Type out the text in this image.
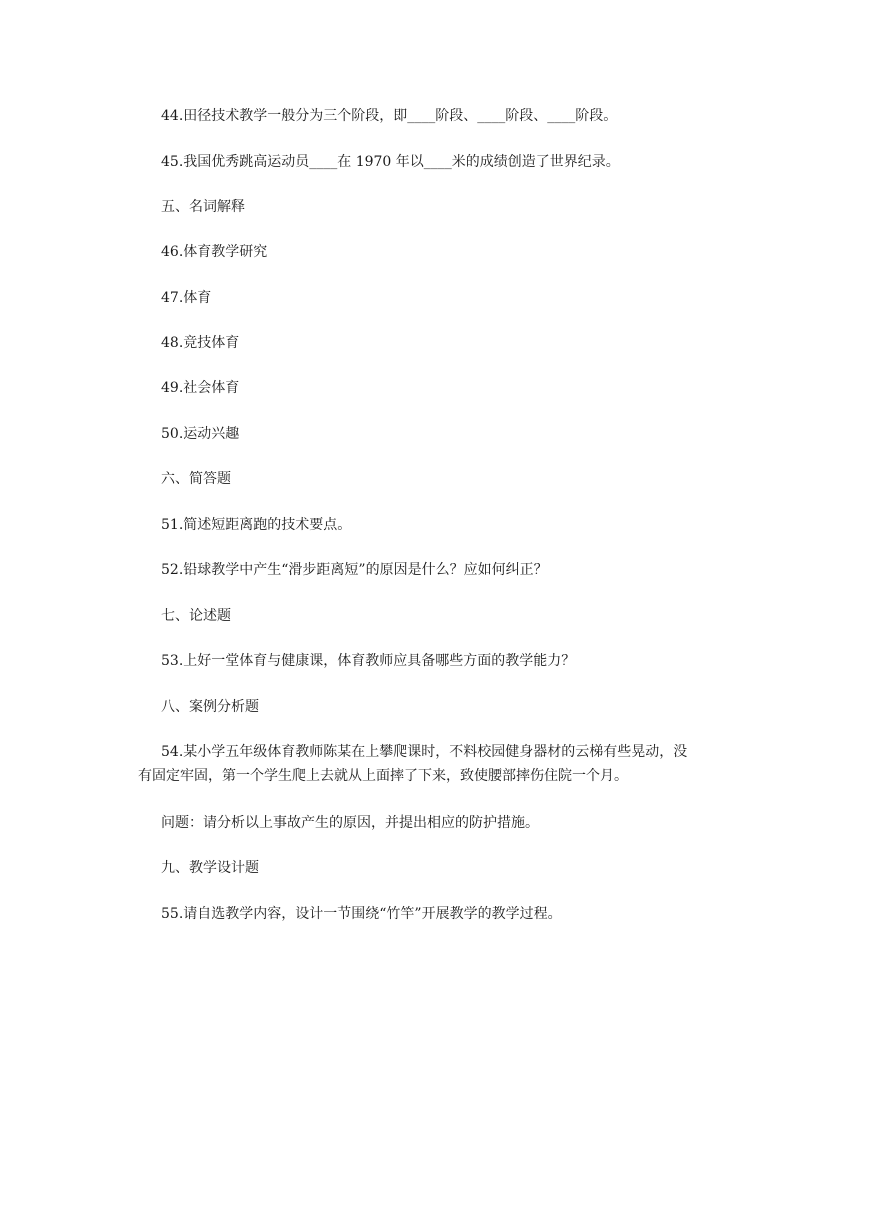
44.田径技术教学一般分为三个阶段，即____阶段、____阶段、____阶段。
45.我国优秀跳高运动员____在 1970 年以____米的成绩创造了世界纪录。
五、名词解释
46.体育教学研究
47.体育
48.竞技体育
49.社会体育
50.运动兴趣
六、简答题
51.简述短距离跑的技术要点。
52.铅球教学中产生“滑步距离短”的原因是什么？应如何纠正？
七、论述题
53.上好一堂体育与健康课，体育教师应具备哪些方面的教学能力？
八、案例分析题
54.某小学五年级体育教师陈某在上攀爬课时，不料校园健身器材的云梯有些晃动，没
有固定牢固，第一个学生爬上去就从上面摔了下来，致使腰部摔伤住院一个月。
问题：请分析以上事故产生的原因，并提出相应的防护措施。
九、教学设计题
55.请自选教学内容，设计一节围绕“竹竿”开展教学的教学过程。
